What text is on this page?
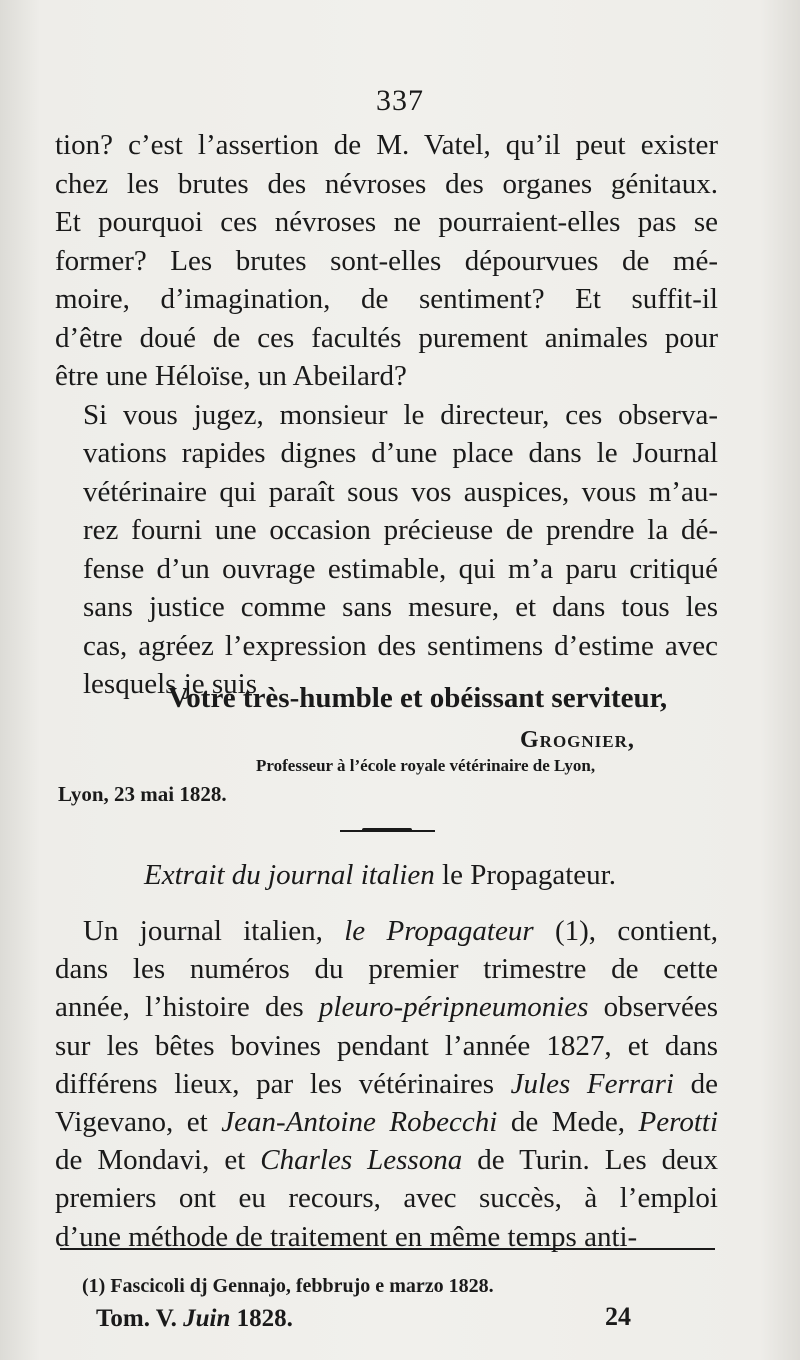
337

tion? c’est l’assertion de M. Vatel, qu’il peut exister
chez les brutes des névroses des organes génitaux.
Et pourquoi ces névroses ne pourraient-elles pas se
former? Les brutes sont-elles dépourvues de mé-
moire, d’imagination, de sentiment? Et suffit-il
d’être doué de ces facultés purement animales pour
être une Héloïse, un Abeilard?

Si vous jugez, monsieur le directeur, ces observa-
vations rapides dignes d’une place dans le Journal
vétérinaire qui paraît sous vos auspices, vous m’au-
rez fourni une occasion précieuse de prendre la dé-
fense d’un ouvrage estimable, qui m’a paru critiqué
sans justice comme sans mesure, et dans tous les
cas, agréez l’expression des sentimens d’estime avec
lesquels je suis

Votre très-humble et obéissant serviteur,
Grognier,
Professeur à l’école royale vétérinaire de Lyon,
Lyon, 23 mai 1828.
Extrait du journal italien le Propagateur.
Un journal italien, le Propagateur (1), contient,
dans les numéros du premier trimestre de cette
année, l’histoire des pleuro-péripneumonies observées
sur les bêtes bovines pendant l’année 1827, et dans
différens lieux, par les vétérinaires Jules Ferrari de
Vigevano, et Jean-Antoine Robecchi de Mede, Perotti
de Mondavi, et Charles Lessona de Turin. Les deux
premiers ont eu recours, avec succès, à l’emploi
d’une méthode de traitement en même temps anti-
(1) Fascicoli dj Gennajo, febbrujo e marzo 1828.
Tom. V. Juin 1828.	24
